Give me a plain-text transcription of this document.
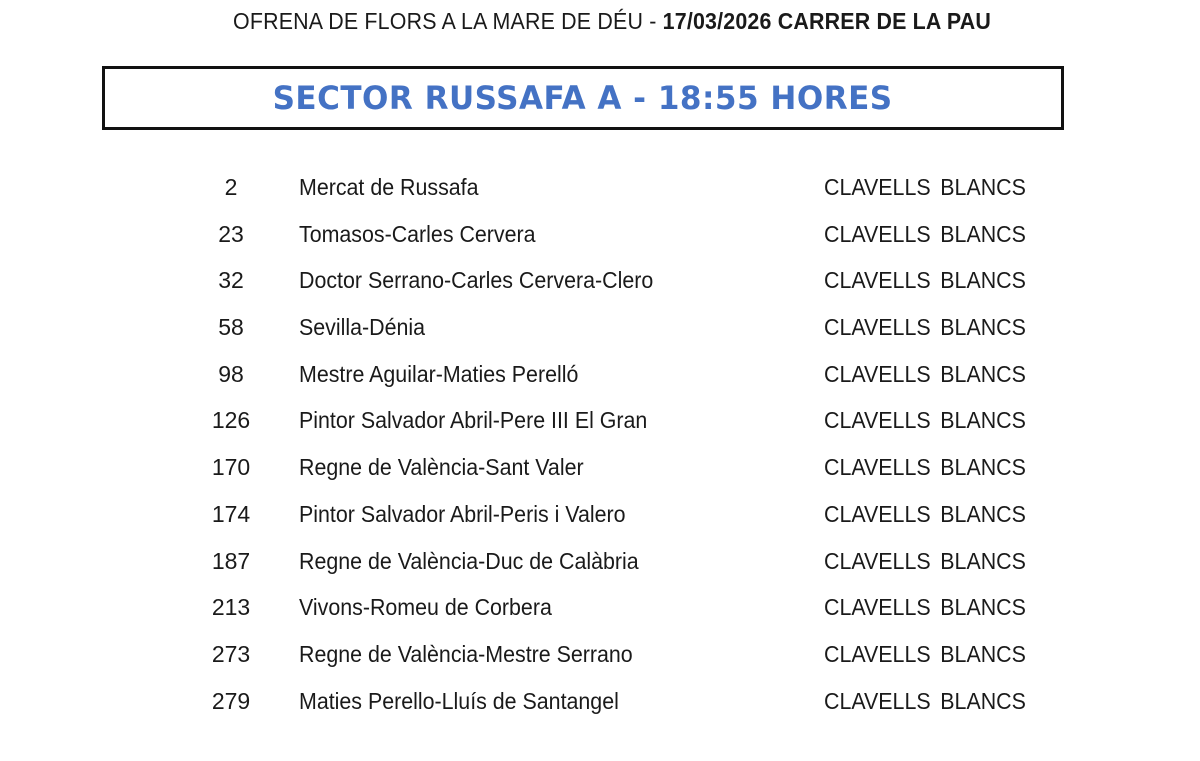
OFRENA DE FLORS A LA MARE DE DÉU - 17/03/2026 CARRER DE LA PAU
SECTOR RUSSAFA A - 18:55 HORES
2	Mercat de Russafa	CLAVELLS BLANCS
23	Tomasos-Carles Cervera	CLAVELLS BLANCS
32	Doctor Serrano-Carles Cervera-Clero	CLAVELLS BLANCS
58	Sevilla-Dénia	CLAVELLS BLANCS
98	Mestre Aguilar-Maties Perelló	CLAVELLS BLANCS
126	Pintor Salvador Abril-Pere III El Gran	CLAVELLS BLANCS
170	Regne de València-Sant Valer	CLAVELLS BLANCS
174	Pintor Salvador Abril-Peris i Valero	CLAVELLS BLANCS
187	Regne de València-Duc de Calàbria	CLAVELLS BLANCS
213	Vivons-Romeu de Corbera	CLAVELLS BLANCS
273	Regne de València-Mestre Serrano	CLAVELLS BLANCS
279	Maties Perello-Lluís de Santangel	CLAVELLS BLANCS
